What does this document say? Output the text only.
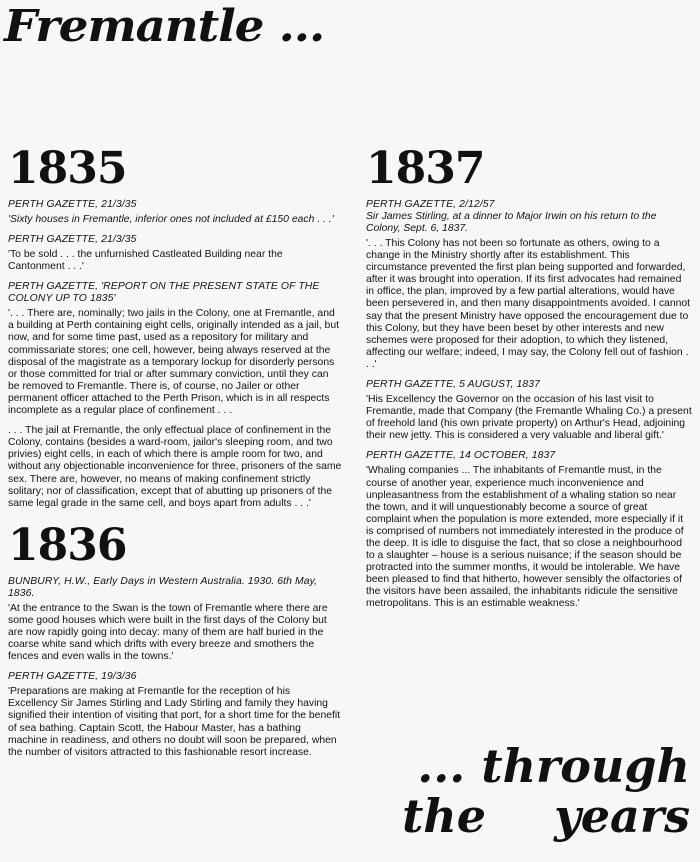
Fremantle ...
1835
PERTH GAZETTE, 21/3/35
'Sixty houses in Fremantle, inferior ones not included at £150 each . . .'
PERTH GAZETTE, 21/3/35
'To be sold . . . the unfurnished Castleated Building near the Cantonment . . .'
PERTH GAZETTE, 'REPORT ON THE PRESENT STATE OF THE COLONY UP TO 1835'
'. . . There are, nominally; two jails in the Colony, one at Fremantle, and a building at Perth containing eight cells, originally intended as a jail, but now, and for some time past, used as a repository for military and commissariate stores; one cell, however, being always reserved at the disposal of the magistrate as a temporary lockup for disorderly persons or those committed for trial or after summary conviction, until they can be removed to Fremantle. There is, of course, no Jailer or other permanent officer attached to the Perth Prison, which is in all respects incomplete as a regular place of confinement . . .
. . . The jail at Fremantle, the only effectual place of confinement in the Colony, contains (besides a ward-room, jailor's sleeping room, and two privies) eight cells, in each of which there is ample room for two, and without any objectionable inconvenience for three, prisoners of the same sex. There are, however, no means of making confinement strictly solitary; nor of classification, except that of abutting up prisoners of the same legal grade in the same cell, and boys apart from adults . . .'
1836
BUNBURY, H.W., Early Days in Western Australia. 1930. 6th May, 1836.
'At the entrance to the Swan is the town of Fremantle where there are some good houses which were built in the first days of the Colony but are now rapidly going into decay: many of them are half buried in the coarse white sand which drifts with every breeze and smothers the fences and even walls in the towns.'
PERTH GAZETTE, 19/3/36
'Preparations are making at Fremantle for the reception of his Excellency Sir James Stirling and Lady Stirling and family they having signified their intention of visiting that port, for a short time for the benefit of sea bathing. Captain Scott, the Habour Master, has a bathing machine in readiness, and others no doubt will soon be prepared, when the number of visitors attracted to this fashionable resort increase.
1837
PERTH GAZETTE, 2/12/57
Sir James Stirling, at a dinner to Major Irwin on his return to the Colony, Sept. 6, 1837.
'. . . This Colony has not been so fortunate as others, owing to a change in the Ministry shortly after its establishment. This circumstance prevented the first plan being supported and forwarded, after it was brought into operation. If its first advocates had remained in office, the plan, improved by a few partial alterations, would have been persevered in, and then many disappointments avoided. I cannot say that the present Ministry have opposed the encouragement due to this Colony, but they have been beset by other interests and new schemes were proposed for their adoption, to which they listened, affecting our welfare; indeed, I may say, the Colony fell out of fashion . . .'
PERTH GAZETTE, 5 AUGUST, 1837
'His Excellency the Governor on the occasion of his last visit to Fremantle, made that Company (the Fremantle Whaling Co.) a present of freehold land (his own private property) on Arthur's Head, adjoining their new jetty. This is considered a very valuable and liberal gift.'
PERTH GAZETTE, 14 OCTOBER, 1837
'Whaling companies ... The inhabitants of Fremantle must, in the course of another year, experience much inconvenience and unpleasantness from the establishment of a whaling station so near the town, and it will unquestionably become a source of great complaint when the population is more extended, more especially if it is comprised of numbers not immediately interested in the produce of the deep. It is idle to disguise the fact, that so close a neighbourhood to a slaughter – house is a serious nuisance; if the season should be protracted into the summer months, it would be intolerable. We have been pleased to find that hitherto, however sensibly the olfactories of the visitors have been assailed, the inhabitants ridicule the sensitive metropolitans. This is an estimable weakness.'
... through
the years
